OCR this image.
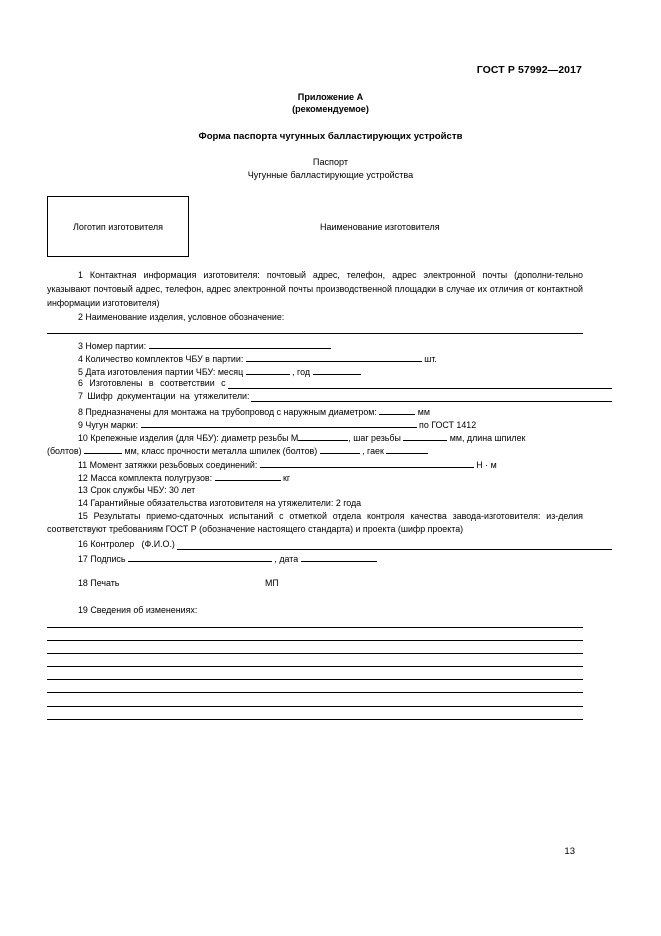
ГОСТ Р 57992—2017
Приложение А
(рекомендуемое)
Форма паспорта чугунных балластирующих устройств
Паспорт
Чугунные балластирующие устройства
Логотип изготовителя	Наименование изготовителя
1 Контактная информация изготовителя: почтовый адрес, телефон, адрес электронной почты (дополни-тельно указывают почтовый адрес, телефон, адрес электронной почты производственной площадки в случае их отличия от контактной информации изготовителя)
2 Наименование изделия, условное обозначение:
3 Номер партии:
4 Количество комплектов ЧБУ в партии:	шт.
5 Дата изготовления партии ЧБУ: месяц	, год
6 Изготовлены в соответствии с
7 Шифр документации на утяжелители:
8 Предназначены для монтажа на трубопровод с наружным диаметром:	мм
9 Чугун марки:	по ГОСТ 1412
10 Крепежные изделия (для ЧБУ): диаметр резьбы М	, шаг резьбы	мм, длина шпилек
(болтов)	мм, класс прочности металла шпилек (болтов)	, гаек
11 Момент затяжки резьбовых соединений:	Н · м
12 Масса комплекта полугрузов:	кг
13 Срок службы ЧБУ: 30 лет
14 Гарантийные обязательства изготовителя на утяжелители: 2 года
15 Результаты приемо-сдаточных испытаний с отметкой отдела контроля качества завода-изготовителя: из-делия соответствуют требованиям ГОСТ Р (обозначение настоящего стандарта) и проекта (шифр проекта)
16 Контролер   (Ф.И.О.)
17 Подпись	, дата
18 Печать	МП
19 Сведения об изменениях:
13
